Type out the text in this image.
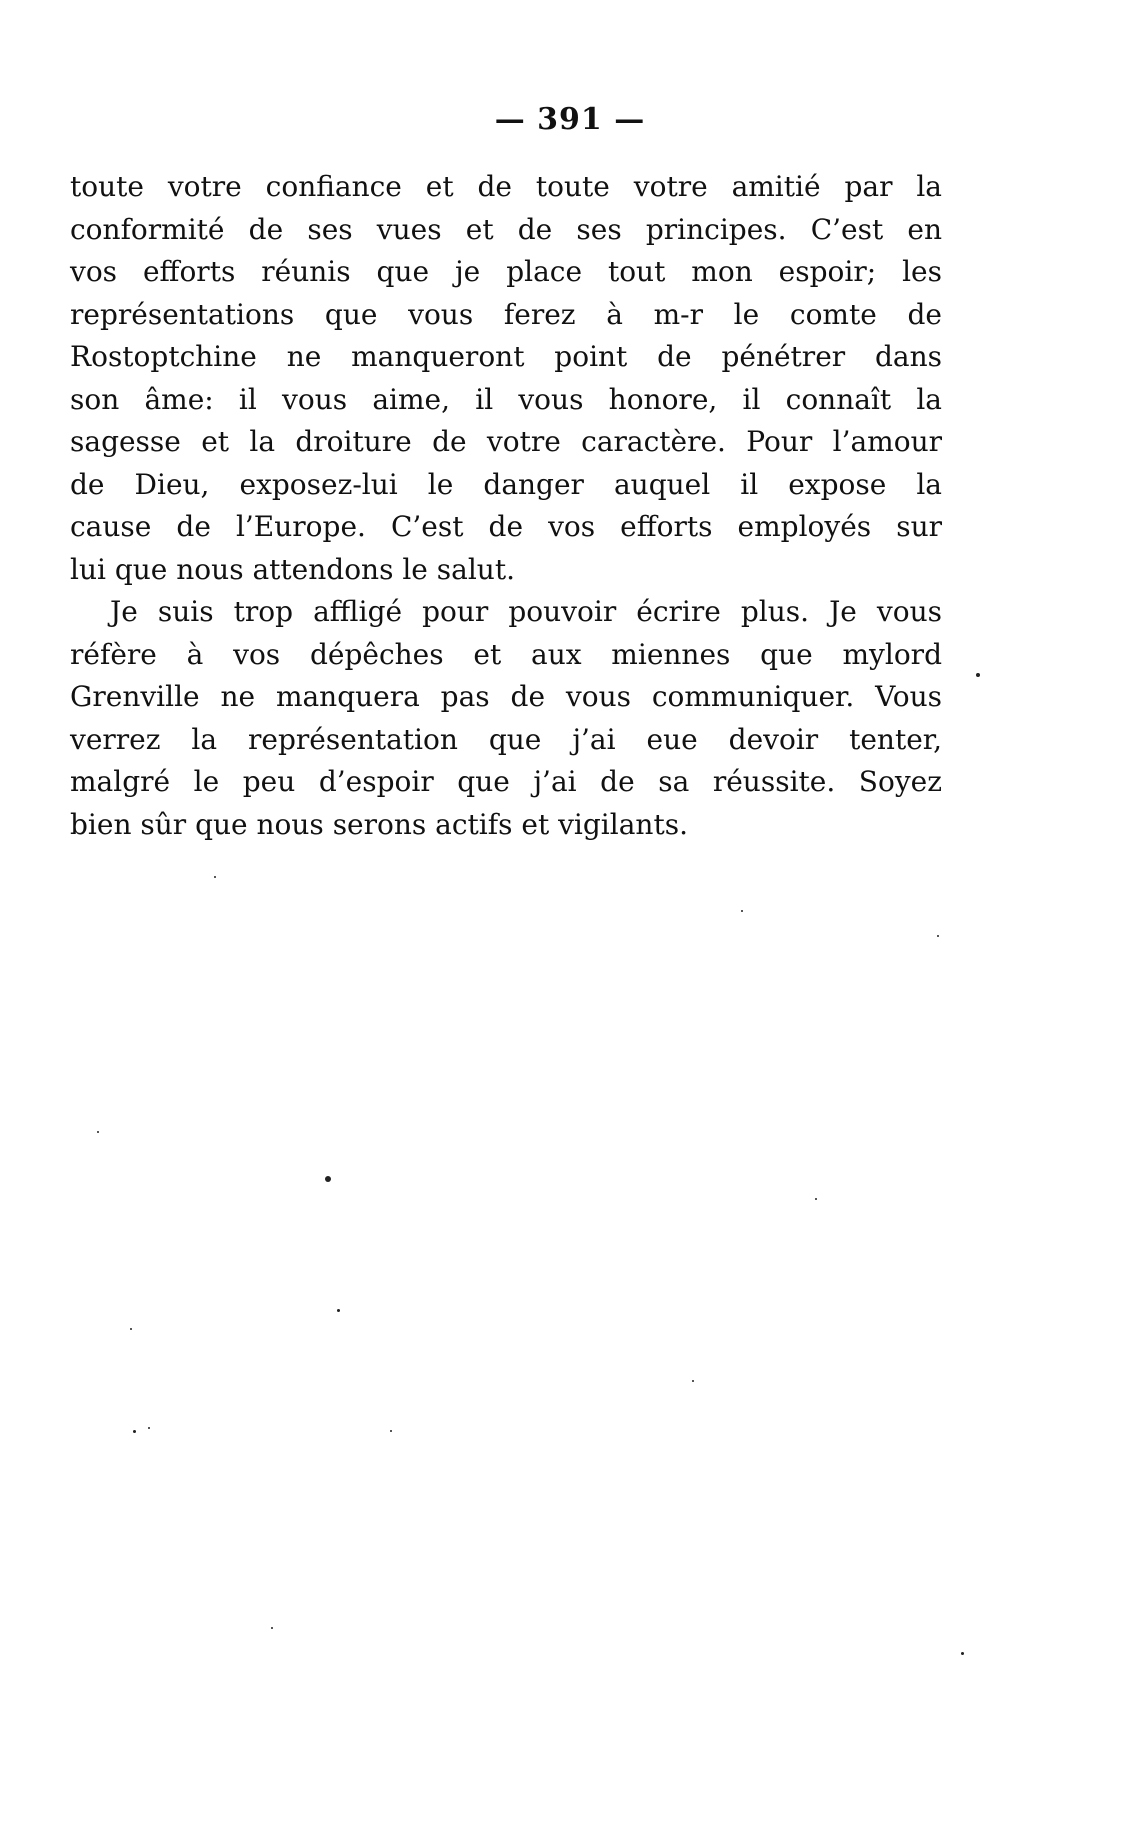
— 391 —
toute votre confiance et de toute votre amitié par la
conformité de ses vues et de ses principes. C’est en
vos efforts réunis que je place tout mon espoir; les
représentations que vous ferez à m-r le comte de
Rostoptchine ne manqueront point de pénétrer dans
son âme: il vous aime, il vous honore, il connaît la
sagesse et la droiture de votre caractère. Pour l’amour
de Dieu, exposez-lui le danger auquel il expose la
cause de l’Europe. C’est de vos efforts employés sur
lui que nous attendons le salut.
Je suis trop affligé pour pouvoir écrire plus. Je vous
réfère à vos dépêches et aux miennes que mylord
Grenville ne manquera pas de vous communiquer. Vous
verrez la représentation que j’ai eue devoir tenter,
malgré le peu d’espoir que j’ai de sa réussite. Soyez
bien sûr que nous serons actifs et vigilants.
